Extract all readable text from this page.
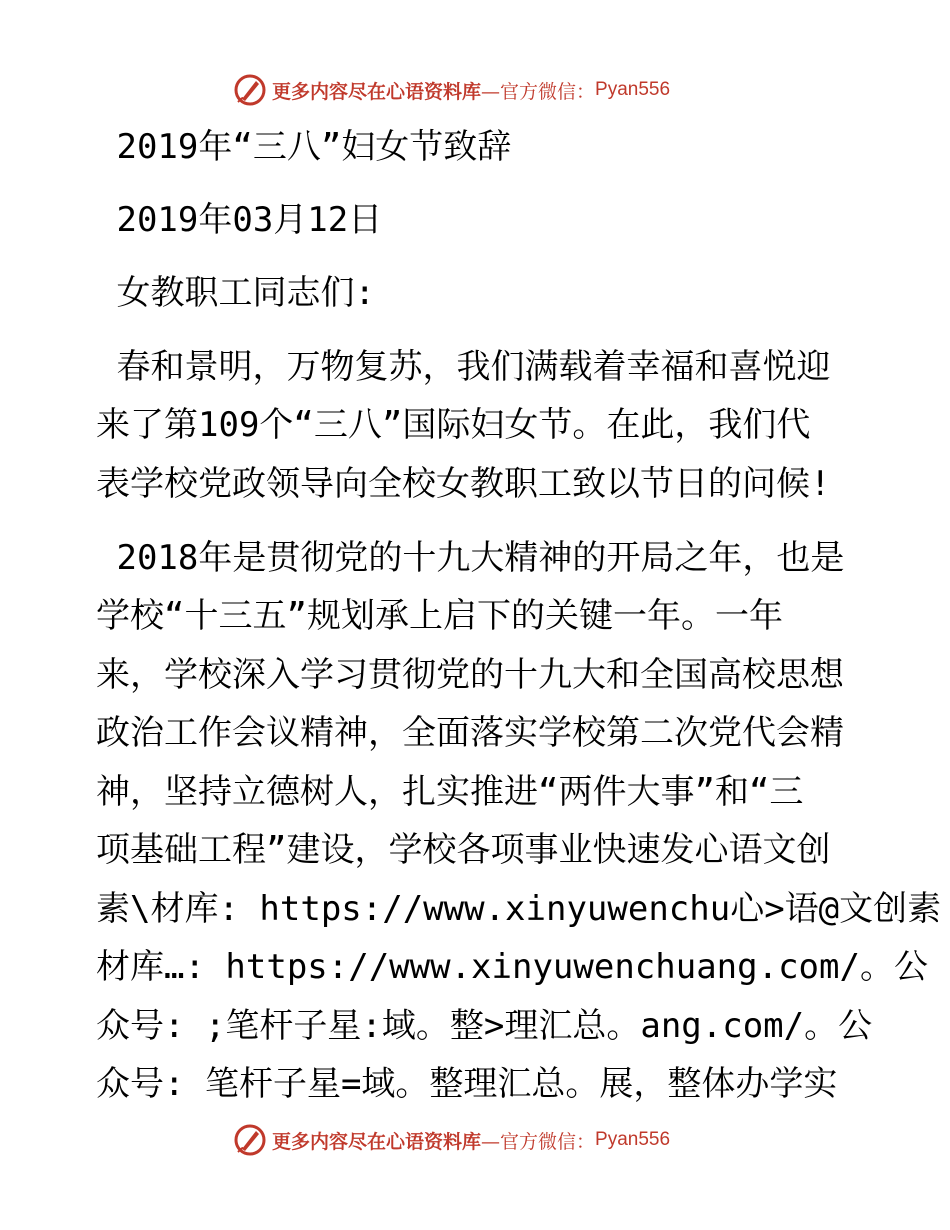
更多内容尽在心语资料库 —官方微信： Pyan556
2019年“三八”妇女节致辞
2019年03月12日
女教职工同志们:
春和景明，万物复苏，我们满载着幸福和喜悦迎
来了第109个“三八”国际妇女节。在此，我们代
表学校党政领导向全校女教职工致以节日的问候!
2018年是贯彻党的十九大精神的开局之年，也是
学校“十三五”规划承上启下的关键一年。一年
来，学校深入学习贯彻党的十九大和全国高校思想
政治工作会议精神，全面落实学校第二次党代会精
神，坚持立德树人，扎实推进“两件大事”和“三
项基础工程”建设，学校各项事业快速发心语文创
素\材库: https://www.xinyuwenchu心>语@文创素
材库…: https://www.xinyuwenchuang.com/。公
众号: ;笔杆子星:域。整>理汇总。ang.com/。公
众号: 笔杆子星=域。整理汇总。展，整体办学实
更多内容尽在心语资料库 —官方微信： Pyan556
